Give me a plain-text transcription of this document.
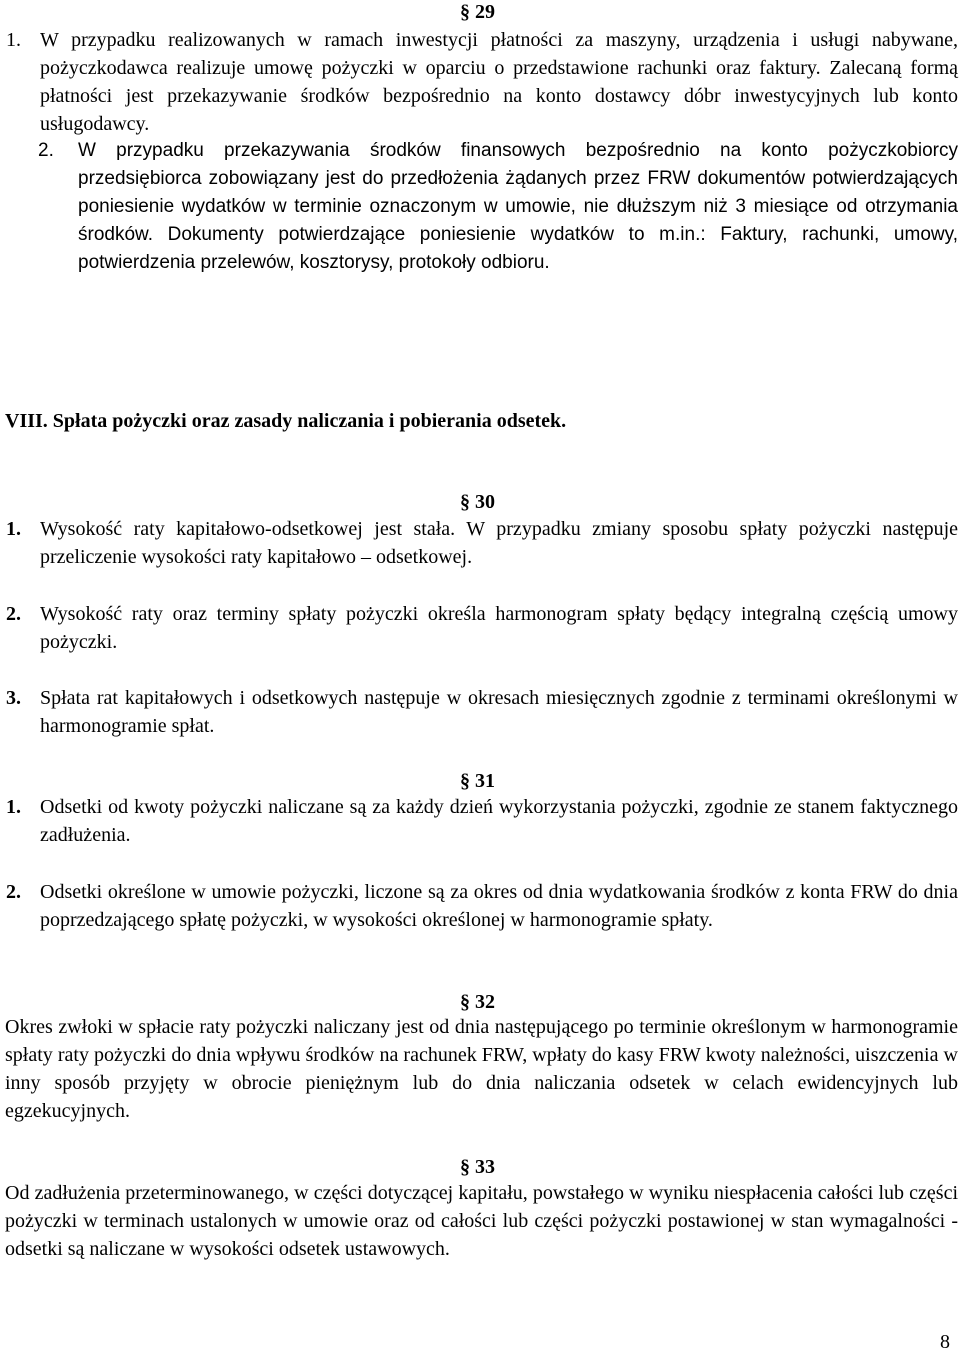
§ 29
1. W przypadku realizowanych w ramach inwestycji płatności za maszyny, urządzenia i usługi nabywane, pożyczkodawca realizuje umowę pożyczki w oparciu o przedstawione rachunki oraz faktury. Zalecaną formą płatności jest przekazywanie środków bezpośrednio na konto dostawcy dóbr inwestycyjnych lub konto usługodawcy.
2. W przypadku przekazywania środków finansowych bezpośrednio na konto pożyczkobiorcy przedsiębiorca zobowiązany jest do przedłożenia żądanych przez FRW dokumentów potwierdzających poniesienie wydatków w terminie oznaczonym w umowie, nie dłuższym niż 3 miesiące od otrzymania środków. Dokumenty potwierdzające poniesienie wydatków to m.in.: Faktury, rachunki, umowy, potwierdzenia przelewów, kosztorysy, protokoły odbioru.
VIII. Spłata pożyczki oraz zasady naliczania i pobierania odsetek.
§ 30
1. Wysokość raty kapitałowo-odsetkowej jest stała. W przypadku zmiany sposobu spłaty pożyczki następuje przeliczenie wysokości raty kapitałowo – odsetkowej.
2. Wysokość raty oraz terminy spłaty pożyczki określa harmonogram spłaty będący integralną częścią umowy pożyczki.
3. Spłata rat kapitałowych i odsetkowych następuje w okresach miesięcznych zgodnie z terminami określonymi w harmonogramie spłat.
§ 31
1. Odsetki od kwoty pożyczki naliczane są za każdy dzień wykorzystania pożyczki, zgodnie ze stanem faktycznego zadłużenia.
2. Odsetki określone w umowie pożyczki, liczone są za okres od dnia wydatkowania środków z konta FRW do dnia poprzedzającego spłatę pożyczki, w wysokości określonej w harmonogramie spłaty.
§ 32
Okres zwłoki w spłacie raty pożyczki naliczany jest od dnia następującego po terminie określonym w harmonogramie spłaty raty pożyczki do dnia wpływu środków na rachunek FRW, wpłaty do kasy FRW kwoty należności, uiszczenia w inny sposób przyjęty w obrocie pieniężnym lub do dnia naliczania odsetek w celach ewidencyjnych lub egzekucyjnych.
§ 33
Od zadłużenia przeterminowanego, w części dotyczącej kapitału, powstałego w wyniku niespłacenia całości lub części pożyczki w terminach ustalonych w umowie oraz od całości lub części pożyczki postawionej w stan wymagalności - odsetki są naliczane w wysokości odsetek ustawowych.
8
